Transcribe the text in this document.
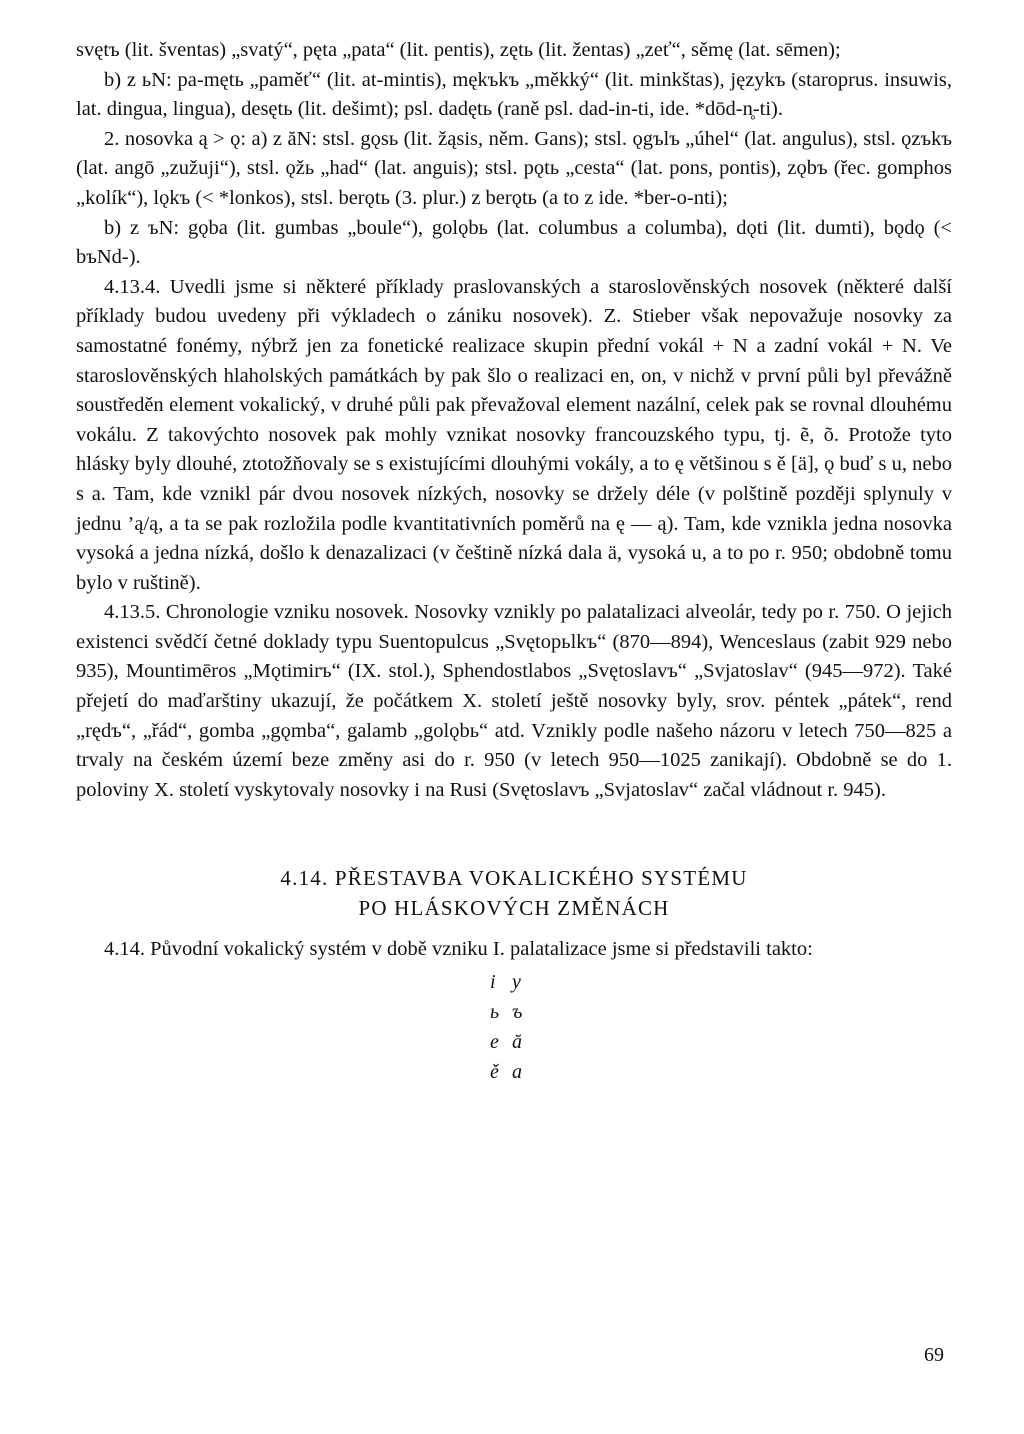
svętъ (lit. šventas) „svatý“, pęta „pata“ (lit. pentis), zętь (lit. žentas) „zeť“, sěmę (lat. sēmen);

b) z ьN: pa-mętь „paměť“ (lit. at-mintis), mękъkъ „měkký“ (lit. minkštas), językъ (staroprus. insuwis, lat. dingua, lingua), desętь (lit. dešimt); psl. dadętь (raně psl. dad-in-ti, ide. *dōd-n̥-ti).

2. nosovka ą > ǫ: a) z ăN: stsl. gǫsь (lit. žąsis, něm. Gans); stsl. ǫgъlъ „úhel“ (lat. angulus), stsl. ǫzъkъ (lat. angō „zužuji“), stsl. ǫžь „had“ (lat. anguis); stsl. pǫtь „cesta“ (lat. pons, pontis), zǫbъ (řec. gomphos „kolík“), lǫkъ (< *lonkos), stsl. berǫtь (3. plur.) z berǫtь (a to z ide. *ber-o-nti);

b) z ъN: gǫba (lit. gumbas „boule“), golǫbь (lat. columbus a columba), dǫti (lit. dumti), bǫdǫ (< bъNd-).

4.13.4. Uvedli jsme si některé příklady praslovanských a staroslověnských nosovek (některé další příklady budou uvedeny při výkladech o zániku nosovek). Z. Stieber však nepovažuje nosovky za samostatné fonémy, nýbrž jen za fonetické realizace skupin přední vokál + N a zadní vokál + N. Ve staroslověnských hlaholských památkách by pak šlo o realizaci en, on, v nichž v první půli byl převážně soustředěn element vokalický, v druhé půli pak převažoval element nazální, celek pak se rovnal dlouhému vokálu. Z takovýchto nosovek pak mohly vznikat nosovky francouzského typu, tj. ẽ, õ. Protože tyto hlásky byly dlouhé, ztotožňovaly se s existujícími dlouhými vokály, a to ę většinou s ě [ä], ǫ buď s u, nebo s a. Tam, kde vznikl pár dvou nosovek nízkých, nosovky se držely déle (v polštině později splynuly v jednu ’ą/ą, a ta se pak rozložila podle kvantitativních poměrů na ę — ą). Tam, kde vznikla jedna nosovka vysoká a jedna nízká, došlo k denazalizaci (v češtině nízká dala ä, vysoká u, a to po r. 950; obdobně tomu bylo v ruštině).

4.13.5. Chronologie vzniku nosovek. Nosovky vznikly po palatalizaci alveolár, tedy po r. 750. O jejich existenci svědčí četné doklady typu Suentopulcus „Svętopьlkъ“ (870—894), Wenceslaus (zabit 929 nebo 935), Mountimēros „Mǫtimirъ“ (IX. stol.), Sphendostlabos „Svętoslavъ“ „Svjatoslav“ (945—972). Také přejetí do maďarštiny ukazují, že počátkem X. století ještě nosovky byly, srov. péntek „pátek“, rend „rędъ“, „řád“, gomba „gǫmba“, galamb „golǫbь“ atd. Vznikly podle našeho názoru v letech 750—825 a trvaly na českém území beze změny asi do r. 950 (v letech 950—1025 zanikají). Obdobně se do 1. poloviny X. století vyskytovaly nosovky i na Rusi (Svętoslavъ „Svjatoslav“ začal vládnout r. 945).

4.14. PŘESTAVBA VOKALICKÉHO SYSTÉMU
PO HLÁSKOVÝCH ZMĚNÁCH

4.14. Původní vokalický systém v době vzniku I. palatalizace jsme si představili takto:

i y
ь ъ
e ă
ě a
69
